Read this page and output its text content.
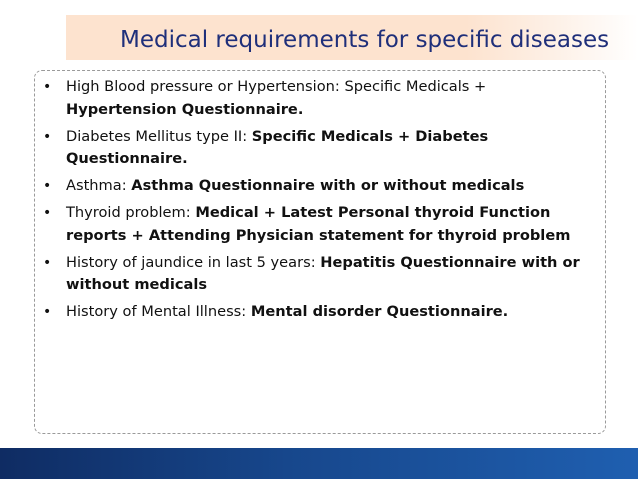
Medical requirements for specific diseases
• High Blood pressure or Hypertension: Specific Medicals + Hypertension Questionnaire.
• Diabetes Mellitus type II: Specific Medicals + Diabetes Questionnaire.
• Asthma: Asthma Questionnaire with or without medicals
• Thyroid problem: Medical + Latest Personal thyroid Function reports + Attending Physician statement for thyroid problem
• History of jaundice in last 5 years: Hepatitis Questionnaire with or without medicals
• History of Mental Illness: Mental disorder Questionnaire.
